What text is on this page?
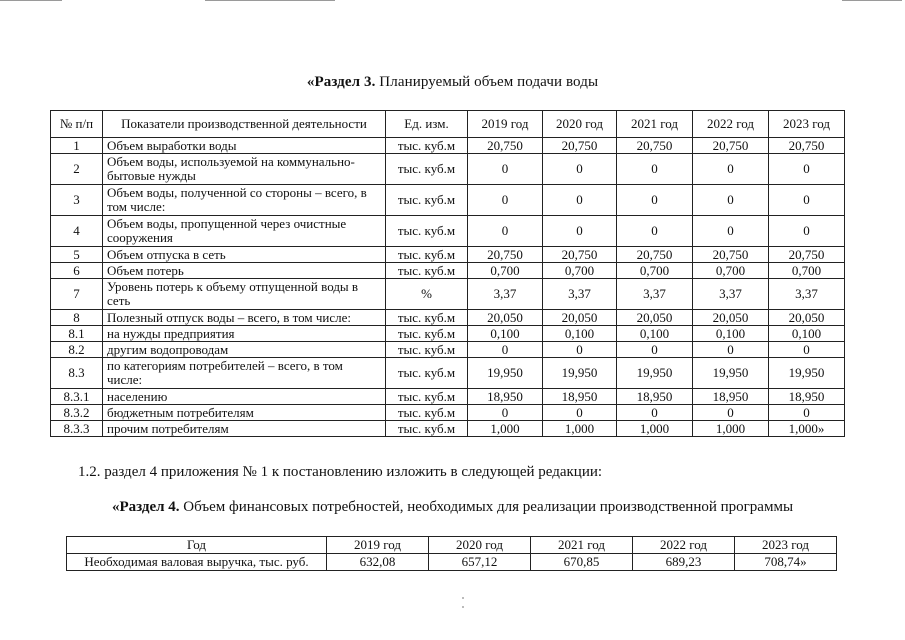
«Раздел 3. Планируемый объем подачи воды
№ п/п	Показатели производственной деятельности	Ед. изм.	2019 год	2020 год	2021 год	2022 год	2023 год
1	Объем выработки воды	тыс. куб.м	20,750	20,750	20,750	20,750	20,750
2	Объем воды, используемой на коммунально-бытовые нужды	тыс. куб.м	0	0	0	0	0
3	Объем воды, полученной со стороны – всего, в том числе:	тыс. куб.м	0	0	0	0	0
4	Объем воды, пропущенной через очистные сооружения	тыс. куб.м	0	0	0	0	0
5	Объем отпуска в сеть	тыс. куб.м	20,750	20,750	20,750	20,750	20,750
6	Объем потерь	тыс. куб.м	0,700	0,700	0,700	0,700	0,700
7	Уровень потерь к объему отпущенной воды в сеть	%	3,37	3,37	3,37	3,37	3,37
8	Полезный отпуск воды – всего, в том числе:	тыс. куб.м	20,050	20,050	20,050	20,050	20,050
8.1	на нужды предприятия	тыс. куб.м	0,100	0,100	0,100	0,100	0,100
8.2	другим водопроводам	тыс. куб.м	0	0	0	0	0
8.3	по категориям потребителей – всего, в том числе:	тыс. куб.м	19,950	19,950	19,950	19,950	19,950
8.3.1	населению	тыс. куб.м	18,950	18,950	18,950	18,950	18,950
8.3.2	бюджетным потребителям	тыс. куб.м	0	0	0	0	0
8.3.3	прочим потребителям	тыс. куб.м	1,000	1,000	1,000	1,000	1,000»
1.2. раздел 4 приложения № 1 к постановлению изложить в следующей редакции:
«Раздел 4. Объем финансовых потребностей, необходимых для реализации производственной программы
Год	2019 год	2020 год	2021 год	2022 год	2023 год
Необходимая валовая выручка, тыс. руб.	632,08	657,12	670,85	689,23	708,74»
